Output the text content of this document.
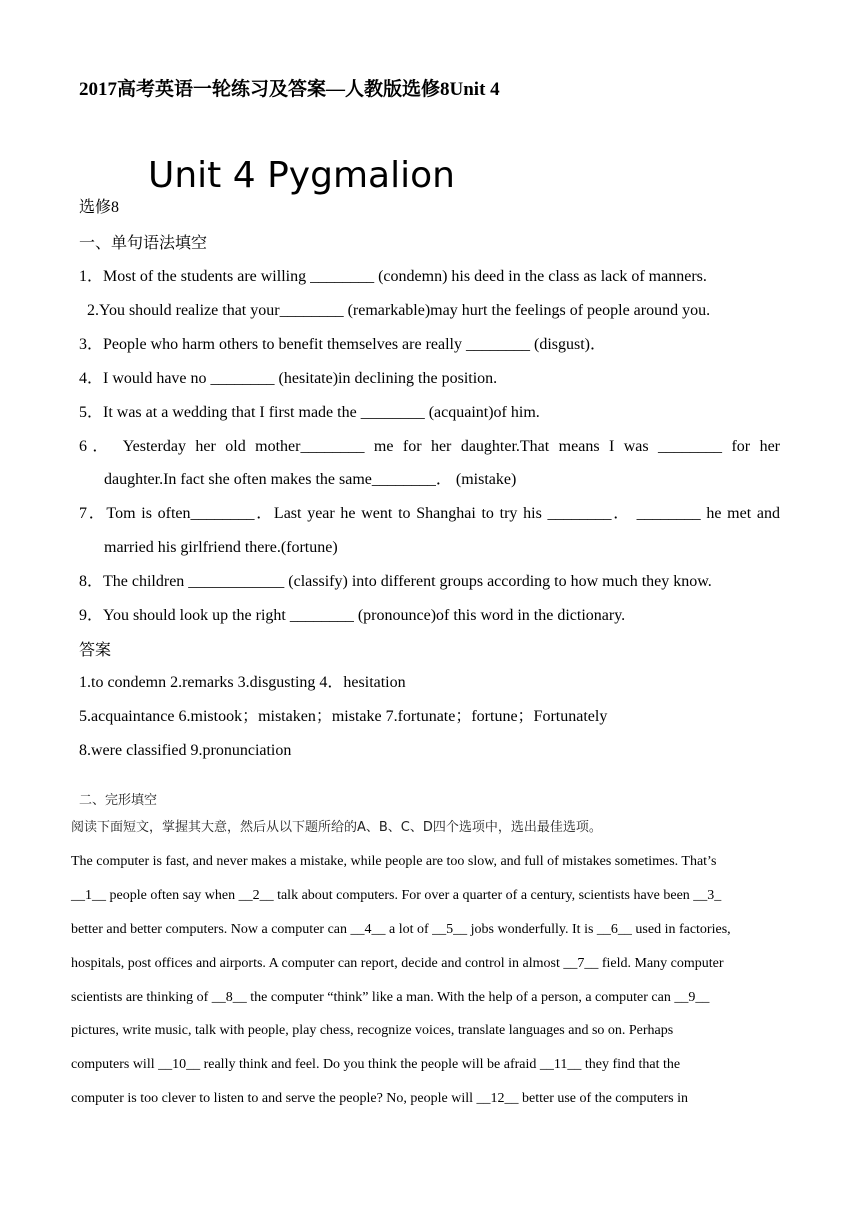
2017高考英语一轮练习及答案—人教版选修8Unit 4
Unit 4 Pygmalion
选修8
一、单句语法填空
1．Most of the students are willing ________ (condemn) his deed in the class as lack of manners.
2.You should realize that your________ (remarkable)may hurt the feelings of people around you.
3．People who harm others to benefit themselves are really ________ (disgust)．
4．I would have no ________ (hesitate)in declining the position.
5．It was at a wedding that I first made the ________ (acquaint)of him.
6． Yesterday her old mother________ me for her daughter.That means I was ________ for her
daughter.In fact she often makes the same________． (mistake)
7．Tom is often________．Last year he went to Shanghai to try his ________． ________ he met and
married his girlfriend there.(fortune)
8．The children ____________ (classify) into different groups according to how much they know.
9．You should look up the right ________ (pronounce)of this word in the dictionary.
答案
1.to condemn 2.remarks 3.disgusting 4．hesitation
5.acquaintance 6.mistook；mistaken；mistake 7.fortunate；fortune；Fortunately
8.were classified 9.pronunciation
二、完形填空
阅读下面短文，掌握其大意，然后从以下题所给的A、B、C、D四个选项中，选出最佳选项。
The computer is fast, and never makes a mistake, while people are too slow, and full of mistakes sometimes. That’s
__1__ people often say when __2__ talk about computers. For over a quarter of a century, scientists have been __3_
better and better computers. Now a computer can __4__ a lot of __5__ jobs wonderfully. It is __6__ used in factories,
hospitals, post offices and airports. A computer can report, decide and control in almost __7__ field. Many computer
scientists are thinking of __8__ the computer “think” like a man. With the help of a person, a computer can __9__
pictures, write music, talk with people, play chess, recognize voices, translate languages and so on. Perhaps
computers will __10__ really think and feel. Do you think the people will be afraid __11__ they find that the
computer is too clever to listen to and serve the people? No, people will __12__ better use of the computers in
